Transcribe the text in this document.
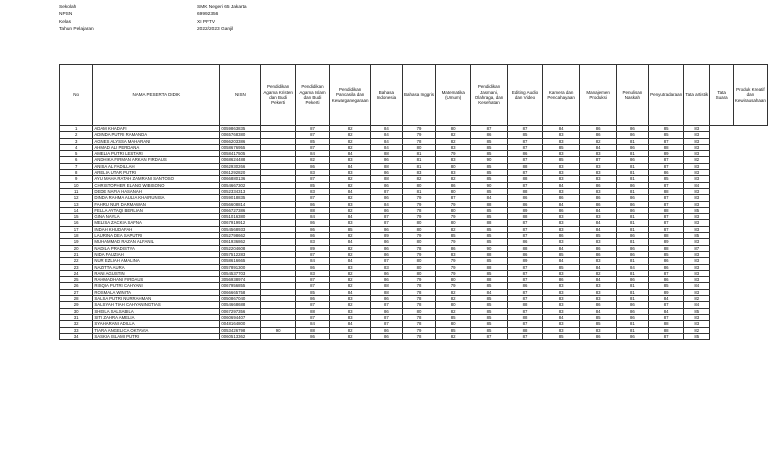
Sekolah	SMK Negeri 65 Jakarta
NPSN	69992356
Kelas	XI PFTV
Tahun Pelajaran	2022/2023 Ganjil
No	NAMA PESERTA DIDIK	NISN	Pendidikan Agama Kristen dan Budi Pekerti	Pendidikan Agama Islam dan Budi Pekerti	Pendidikan Pancasila dan Kewarganegaraan	Bahasa Indonesia	Bahasa Inggris	Matematika (Umum)	Pendidikan Jasmani, Olahraga, dan Kesehatan	Editing Audio dan Video	Kamera dan Pencahayaan	Manajemen Produksi	Penulisan Naskah	Penyutradaraan	Tata artistik	Tata Suara	Produk Kreatif dan Kewirausahaan
1	ADAM KHADAFI	0059863835		87	82	84	79	80	87	87	84	86	86	85	83		
2	ADINDA PUTRI RAMANDA	0065768380		87	82	84	79	82	86	85	83	86	86	85	83		
3	AGNES ALYSSA MAHARANI	0066203386		85	82	84	78	82	85	87	83	82	81	87	83		
4	AHMAD ALI PERDANA	0058676955		87	82	84	80	83	85	87	85	84	86	88	83		
5	AMELIA PUTRI LESTARI	0058417505		84	84	88	81	79	85	86	83	83	81	89	83		
6	ANDHIKA FIRMAN ARKAN FIRDAUS	0068624488		82	83	86	81	83	90	87	85	87	86	87	82		
7	ANISA AL FADILLAH	0062930266		86	84	88	81	80	85	88	83	83	81	87	83		
8	ARELIA UTAR PUTRI	0061292820		83	83	86	83	83	85	87	83	83	81	86	83		
9	AYU MAHA RATAH ZAMRANI SANTOSO	0066880136		87	82	88	82	82	85	88	83	83	81	85	83		
10	CHRISTOPHER ELANG WIBISONO	0054667302		85	82	86	80	86	90	87	84	86	86	87	84		
11	DEDE NAFIA HASANAH	0052334313		83	84	87	81	80	85	88	83	83	81	88	83		
12	DINDA RAHMA AULIA KHAIRUNISA	0059018835		87	82	86	79	87	84	86	86	86	86	87	83		
13	FAHRU NUR DARMAWAN	0056608814		86	83	84	79	79	88	86	84	86	86	87	83		
14	FELLA AYTAQI BERLIAN	0066727386		88	82	86	78	80	85	89	86	84	86	88	85		
15	GINA NAYLA	0051016380		84	84	87	79	79	85	88	83	83	81	87	83		
16	MELISA ZACKIA SAFNA	0067919912		86	83	87	80	80	88	87	83	84	81	87	83		
17	INDAH KHUDAFAH	0054568933		86	85	86	80	82	85	87	83	84	81	87	83		
18	LAURINA DEA SAPUTRI	0052798662		86	82	89	79	85	85	87	86	85	86	88	85		
19	MUHAMMAD RAZAN ALFANIL	0061936862		83	84	86	80	79	85	86	83	83	81	89	83		
20	NADILA PRADISTYA	0052204608		89	82	86	78	86	90	88	84	86	86	88	87		
21	NIDA FAUZIAH	0057512283		87	82	86	79	83	88	86	85	86	86	85	83		
22	NUR EZLIAH AMALINA	0058616665		84	84	87	80	79	85	89	84	83	81	86	83		
23	NAZITTA AURA	0057891300		86	83	83	80	79	88	87	85	84	84	86	83		
24	RANI AGUSTIN	0054537703		83	82	86	80	79	85	87	83	82	81	87	83		
25	RAHMADHANI FIRDAUS	3056938974		87	82	86	79	80	88	87	86	84	86	86	83		
26	RISQIA PUTRI CAHYANI	0067956855		87	82	88	78	79	85	86	83	83	81	85	84		
27	ROSMALA WINITA	0066665758		85	84	88	78	82	84	87	83	83	81	89	83		
28	SALSA PUTRI NURRAHMAN	0050867040		86	83	86	78	82	85	87	83	83	81	84	82		
29	SALSYAH TIAH CAHYANINGTIAS	0054668688		87	82	87	78	80	85	88	83	86	86	87	84		
30	SHEILA SALSABILA	0067297356		88	83	86	80	82	85	87	83	84	86	84	85		
31	SITI ZAHRA AMELIA	0060694407		87	83	87	78	85	85	88	84	85	86	87	83		
32	SYAHARANI ADILLA	0048164800		84	84	87	78	80	85	87	83	85	81	88	83		
33	TIARA ANGELICA OKTAVIA	0053426798	90	88	82	86	79	85	85	88	83	83	81	88	82		
34	SASKIA ISLAMI PUTRI	0060513362		86	82	86	78	82	87	87	85	86	86	87	85		
